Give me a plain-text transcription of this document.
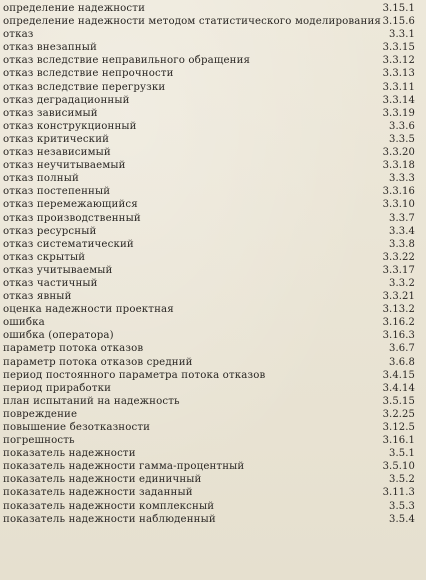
определение надежности	3.15.1
определение надежности методом статистического моделирования 3.15.6
отказ	3.3.1
отказ внезапный	3.3.15
отказ вследствие неправильного обращения	3.3.12
отказ вследствие непрочности	3.3.13
отказ вследствие перегрузки	3.3.11
отказ деградационный	3.3.14
отказ зависимый	3.3.19
отказ конструкционный	3.3.6
отказ критический	3.3.5
отказ независимый	3.3.20
отказ неучитываемый	3.3.18
отказ полный	3.3.3
отказ постепенный	3.3.16
отказ перемежающийся	3.3.10
отказ производственный	3.3.7
отказ ресурсный	3.3.4
отказ систематический	3.3.8
отказ скрытый	3.3.22
отказ учитываемый	3.3.17
отказ частичный	3.3.2
отказ явный	3.3.21
оценка надежности проектная	3.13.2
ошибка	3.16.2
ошибка (оператора)	3.16.3
параметр потока отказов	3.6.7
параметр потока отказов средний	3.6.8
период постоянного параметра потока отказов	3.4.15
период приработки	3.4.14
план испытаний на надежность	3.5.15
повреждение	3.2.25
повышение безотказности	3.12.5
погрешность	3.16.1
показатель надежности	3.5.1
показатель надежности гамма-процентный	3.5.10
показатель надежности единичный	3.5.2
показатель надежности заданный	3.11.3
показатель надежности комплексный	3.5.3
показатель надежности наблюденный	3.5.4
